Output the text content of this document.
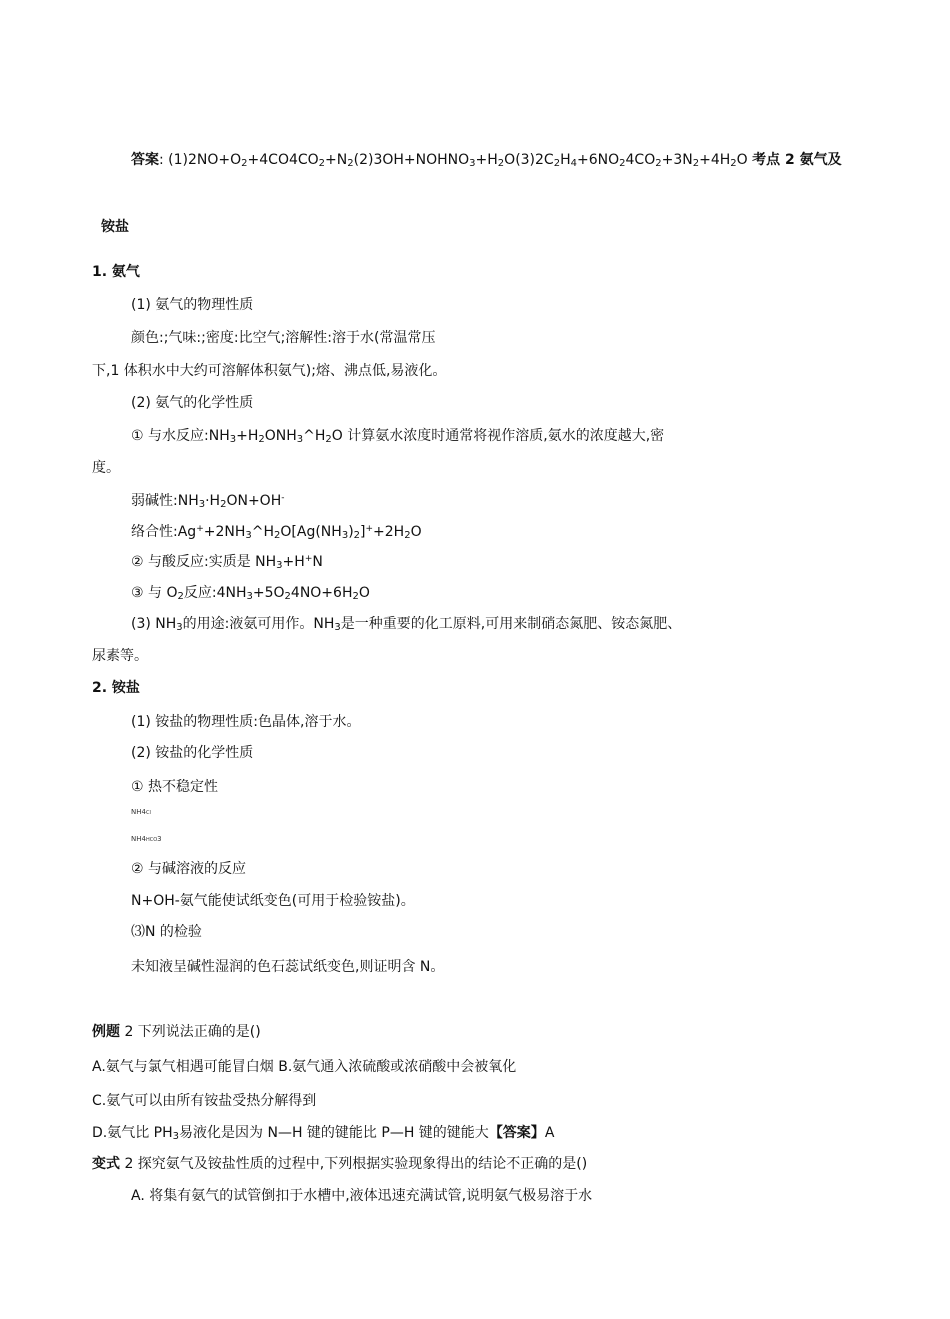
答案: $(1)2NO+O_2+4CO4CO_2+N_2(2)3OH+NOHNO_3+H_2O(3)2C_2H_4+6NO_24CO_2+3N_2+4H_2O$ 考点 2 氨气及
铵盐
1. 氨气
(1) 氨气的物理性质
颜色:;气味:;密度:比空气;溶解性:溶于水(常温常压
下,1 体积水中大约可溶解体积氨气);熔、沸点低,易液化。
(2) 氨气的化学性质
① 与水反应$:NH_3+H_2ONH_3\^{}H_2O$ 计算氨水浓度时通常将视作溶质,氨水的浓度越大,密
度。
弱碱性$:NH_3\cdot H_2ON+OH^-$
络合性$:Ag^++2NH_3\^{}H_2O[Ag(NH_3)_2]^++2H_2O$
② 与酸反应:实质是 $NH_3+H^+N$
③ 与 $O_2$反应$:4NH_3+5O_24NO+6H_2O$
(3) $NH_3$的用途:液氨可用作。$NH_3$是一种重要的化工原料,可用来制硝态氮肥、铵态氮肥、
尿素等。
2. 铵盐
(1) 铵盐的物理性质:色晶体,溶于水。
(2) 铵盐的化学性质
① 热不稳定性
NH4Cl
NH4HCO3
② 与碱溶液的反应
N+OH-氨气能使试纸变色(可用于检验铵盐)。
⑶N 的检验
未知液呈碱性湿润的色石蕊试纸变色,则证明含 N。
例题 2 下列说法正确的是()
A.氨气与氯气相遇可能冒白烟 B.氨气通入浓硫酸或浓硝酸中会被氧化
C.氨气可以由所有铵盐受热分解得到
D.氨气比 $PH_3$易液化是因为 N—H 键的键能比 P—H 键的键能大【答案】A
变式 2 探究氨气及铵盐性质的过程中,下列根据实验现象得出的结论不正确的是()
A. 将集有氨气的试管倒扣于水槽中,液体迅速充满试管,说明氨气极易溶于水
